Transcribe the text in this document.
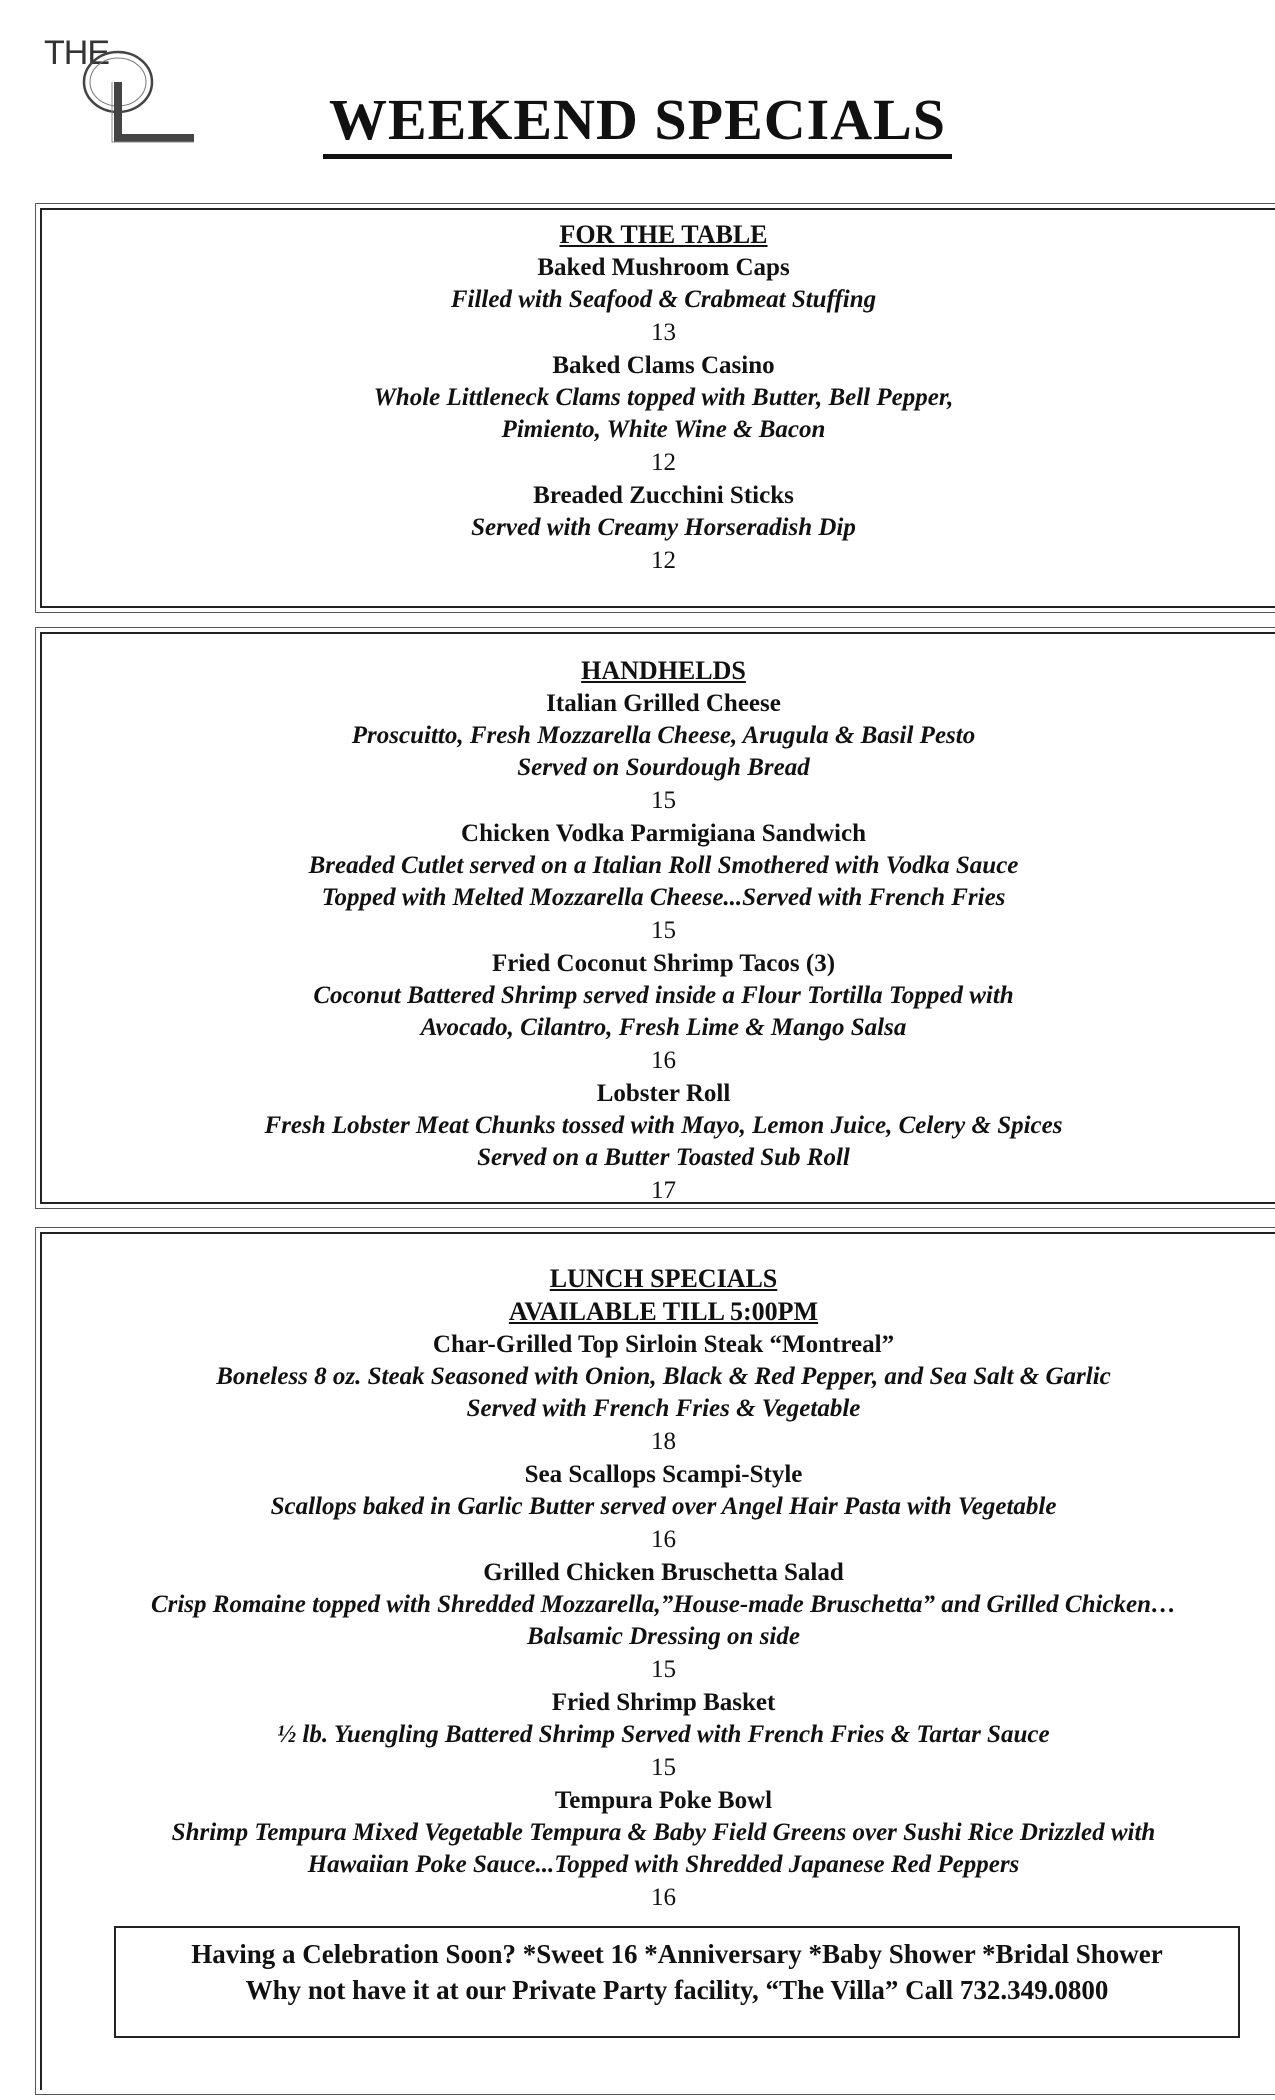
THE
WEEKEND SPECIALS
FOR THE TABLE
Baked Mushroom Caps
Filled with Seafood & Crabmeat Stuffing
13
Baked Clams Casino
Whole Littleneck Clams topped with Butter, Bell Pepper,
Pimiento, White Wine & Bacon
12
Breaded Zucchini Sticks
Served with Creamy Horseradish Dip
12
HANDHELDS
Italian Grilled Cheese
Proscuitto, Fresh Mozzarella Cheese, Arugula & Basil Pesto
Served on Sourdough Bread
15
Chicken Vodka Parmigiana Sandwich
Breaded Cutlet served on a Italian Roll Smothered with Vodka Sauce
Topped with Melted Mozzarella Cheese...Served with French Fries
15
Fried Coconut Shrimp Tacos (3)
Coconut Battered Shrimp served inside a Flour Tortilla Topped with
Avocado, Cilantro, Fresh Lime & Mango Salsa
16
Lobster Roll
Fresh Lobster Meat Chunks tossed with Mayo, Lemon Juice, Celery & Spices
Served on a Butter Toasted Sub Roll
17
LUNCH SPECIALS
AVAILABLE TILL 5:00PM
Char-Grilled Top Sirloin Steak “Montreal”
Boneless 8 oz. Steak Seasoned with Onion, Black & Red Pepper, and Sea Salt & Garlic
Served with French Fries & Vegetable
18
Sea Scallops Scampi-Style
Scallops baked in Garlic Butter served over Angel Hair Pasta with Vegetable
16
Grilled Chicken Bruschetta Salad
Crisp Romaine topped with Shredded Mozzarella,”House-made Bruschetta” and Grilled Chicken…
Balsamic Dressing on side
15
Fried Shrimp Basket
½ lb. Yuengling Battered Shrimp Served with French Fries & Tartar Sauce
15
Tempura Poke Bowl
Shrimp Tempura Mixed Vegetable Tempura & Baby Field Greens over Sushi Rice Drizzled with
Hawaiian Poke Sauce...Topped with Shredded Japanese Red Peppers
16
Having a Celebration Soon? *Sweet 16 *Anniversary *Baby Shower *Bridal Shower
Why not have it at our Private Party facility, “The Villa” Call 732.349.0800
